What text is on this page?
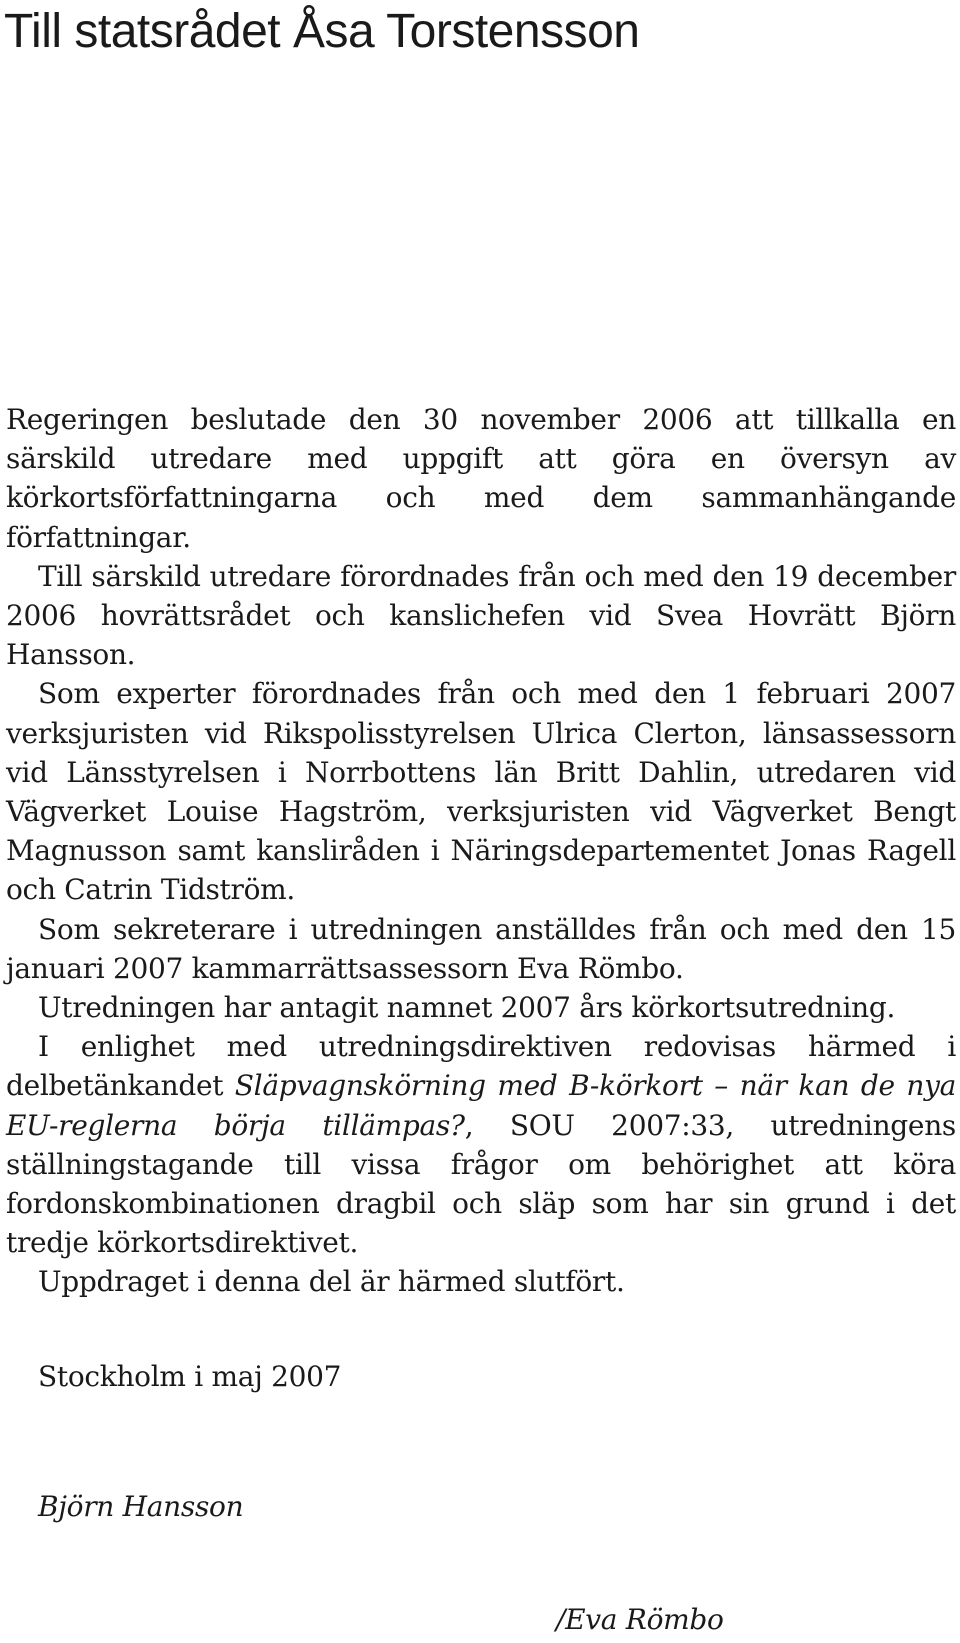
Till statsrådet Åsa Torstensson

Regeringen beslutade den 30 november 2006 att tillkalla en särskild utredare med uppgift att göra en översyn av körkortsförfattningarna och med dem sammanhängande författningar.

Till särskild utredare förordnades från och med den 19 december 2006 hovrättsrådet och kanslichefen vid Svea Hovrätt Björn Hansson.

Som experter förordnades från och med den 1 februari 2007 verksjuristen vid Rikspolisstyrelsen Ulrica Clerton, länsassessorn vid Länsstyrelsen i Norrbottens län Britt Dahlin, utredaren vid Vägverket Louise Hagström, verksjuristen vid Vägverket Bengt Magnusson samt kansliråden i Näringsdepartementet Jonas Ragell och Catrin Tidström.

Som sekreterare i utredningen anställdes från och med den 15 januari 2007 kammarrättsassessorn Eva Römbo.

Utredningen har antagit namnet 2007 års körkortsutredning.

I enlighet med utredningsdirektiven redovisas härmed i delbetänkandet Släpvagnskörning med B-körkort – när kan de nya EU-reglerna börja tillämpas?, SOU 2007:33, utredningens ställningstagande till vissa frågor om behörighet att köra fordonskombinationen dragbil och släp som har sin grund i det tredje körkortsdirektivet.

Uppdraget i denna del är härmed slutfört.

Stockholm i maj 2007
Björn Hansson
/Eva Römbo
